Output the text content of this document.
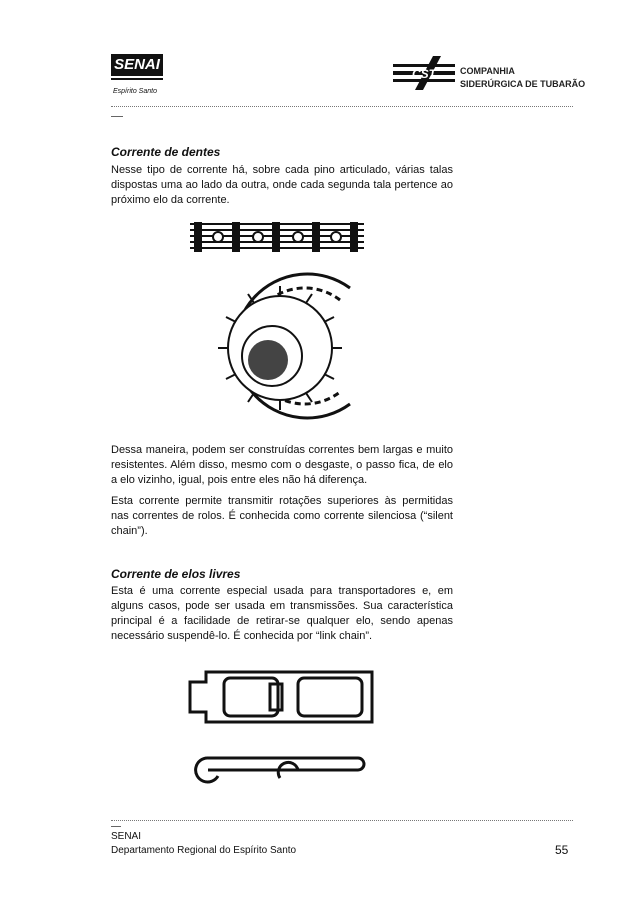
SENAI
Espírito Santo
CST	COMPANHIA
SIDERÚRGICA DE TUBARÃO
Corrente de dentes
Nesse tipo de corrente há, sobre cada pino articulado, várias talas dispostas uma ao lado da outra, onde cada segunda tala pertence ao próximo elo da corrente.
Dessa maneira, podem ser construídas correntes bem largas e muito resistentes. Além disso, mesmo com o desgaste, o passo fica, de elo a elo vizinho, igual, pois entre eles não há diferença.
Esta corrente permite transmitir rotações superiores às permitidas nas correntes de rolos. É conhecida como corrente silenciosa (“silent chain”).
Corrente de elos livres
Esta é uma corrente especial usada para transportadores e, em alguns casos, pode ser usada em transmissões. Sua característica principal é a facilidade de retirar-se qualquer elo, sendo apenas necessário suspendê-lo. É conhecida por “link chain”.
SENAI
Departamento Regional do Espírito Santo	55
